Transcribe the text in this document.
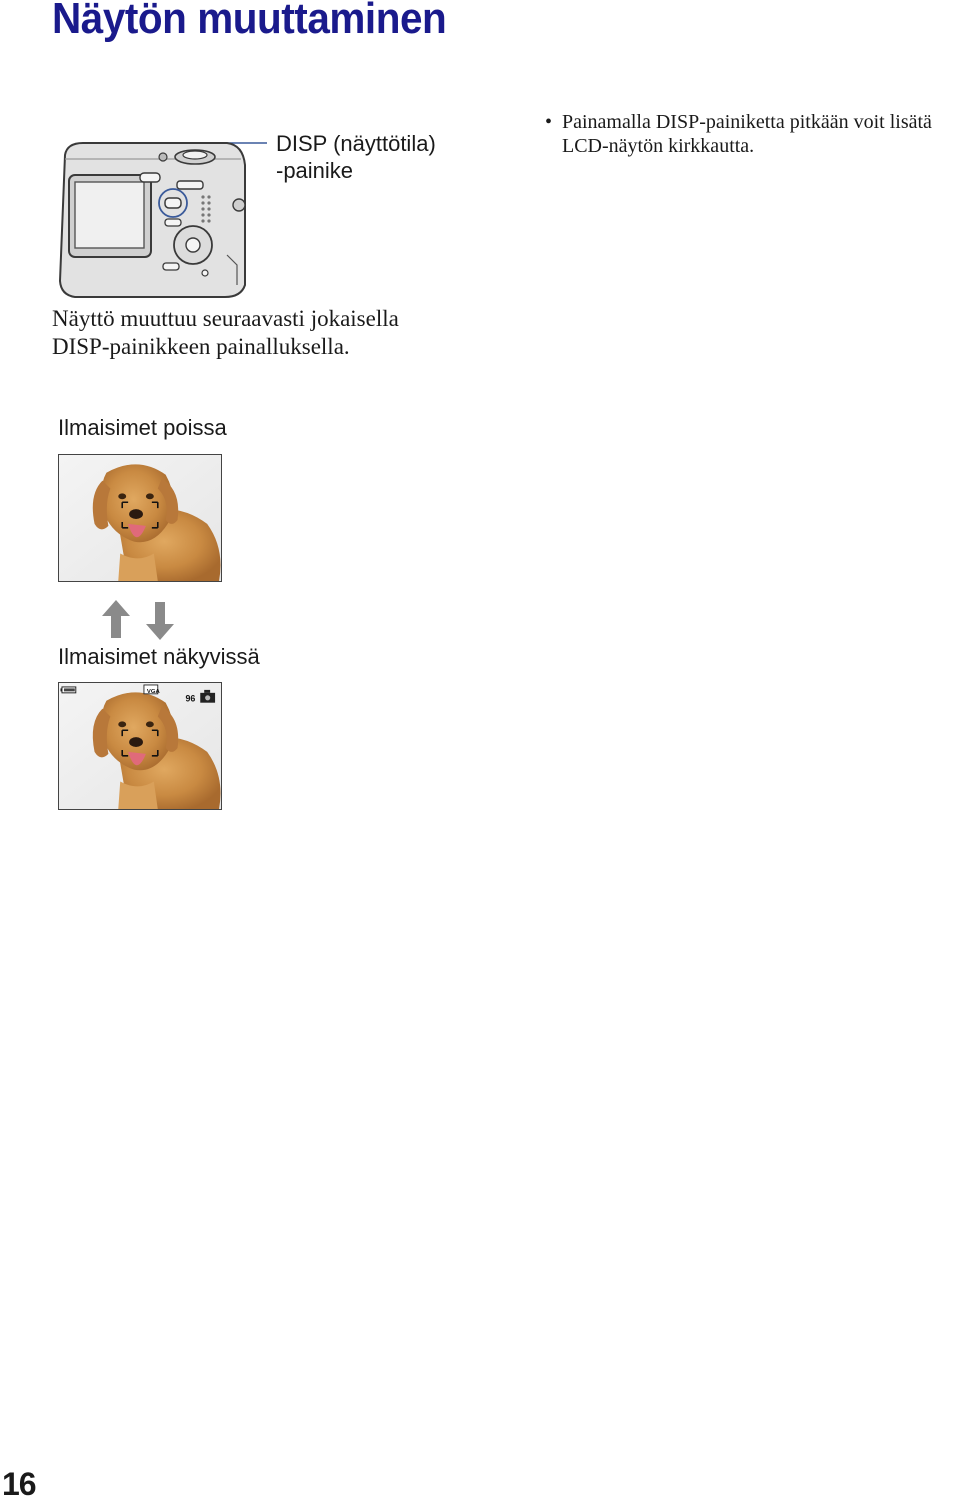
Näytön muuttaminen
DISP (näyttötila)
-painike
• Painamalla DISP-painiketta pitkään voit lisätä LCD-näytön kirkkautta.
Näyttö muuttuu seuraavasti jokaisella
DISP-painikkeen painalluksella.
Ilmaisimet poissa
Ilmaisimet näkyvissä
VGA
96
16
